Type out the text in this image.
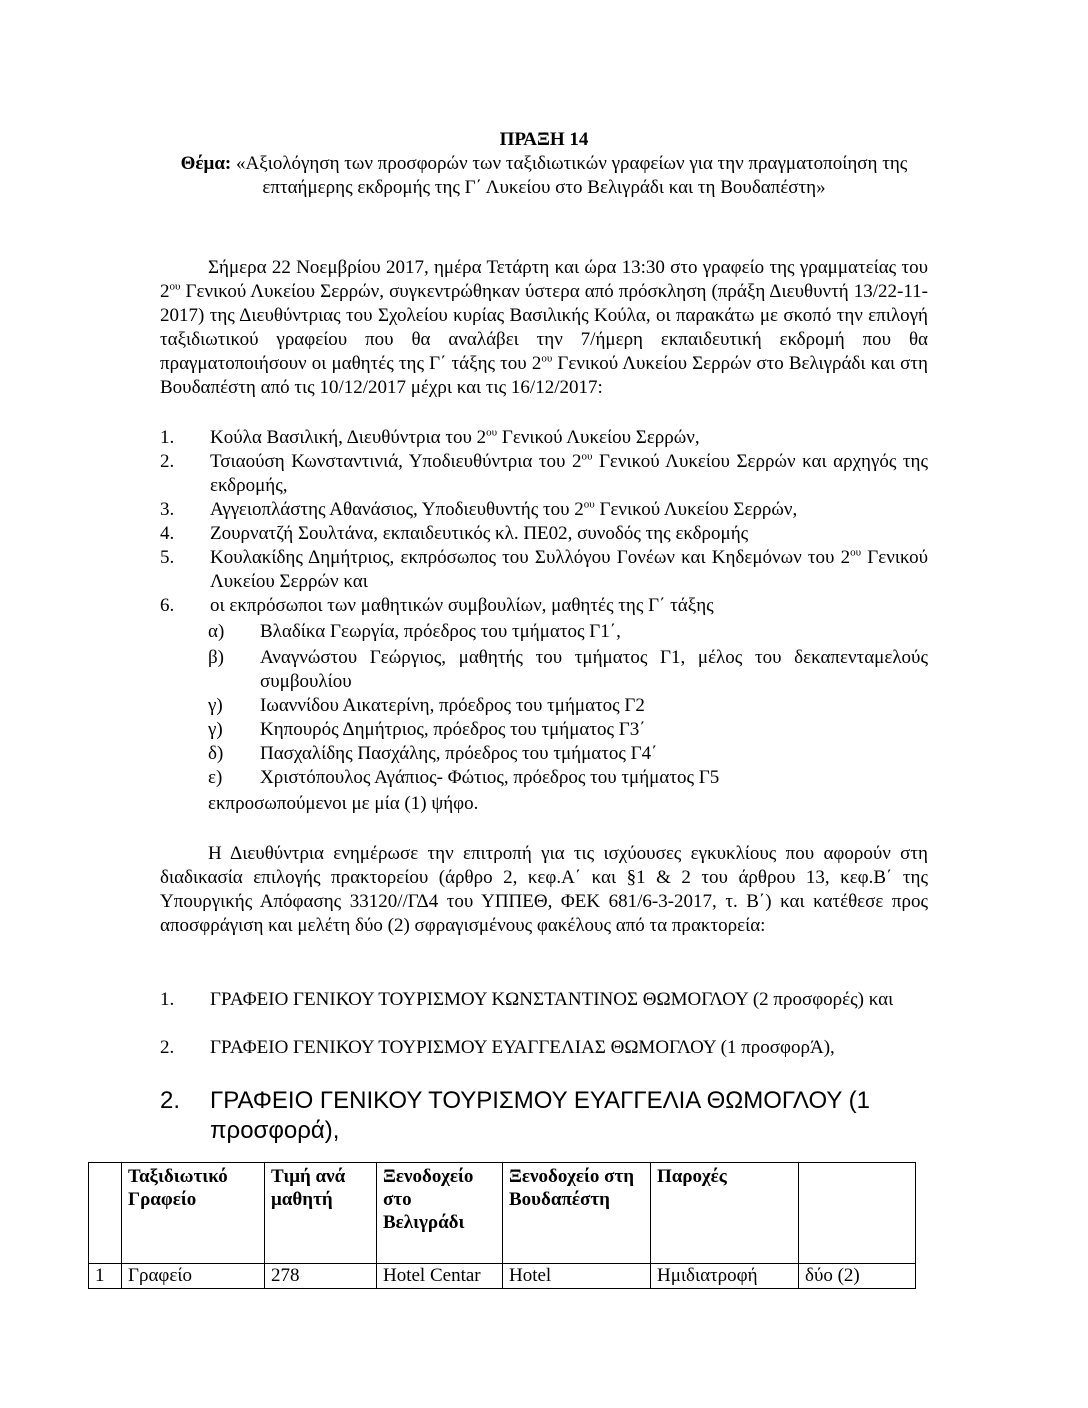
ΠΡΑΞΗ 14
Θέμα: «Αξιολόγηση των προσφορών των ταξιδιωτικών γραφείων για την πραγματοποίηση της επταήμερης εκδρομής της Γ΄ Λυκείου στο Βελιγράδι και τη Βουδαπέστη»
Σήμερα 22 Νοεμβρίου 2017, ημέρα Τετάρτη και ώρα 13:30 στο γραφείο της γραμματείας του $2^{o\upsilon}$ Γενικού Λυκείου Σερρών, συγκεντρώθηκαν ύστερα από πρόσκληση (πράξη Διευθυντή 13/22-11-2017) της Διευθύντριας του Σχολείου κυρίας Βασιλικής Κούλα, οι παρακάτω με σκοπό την επιλογή ταξιδιωτικού γραφείου που θα αναλάβει την 7/ήμερη εκπαιδευτική εκδρομή που θα πραγματοποιήσουν οι μαθητές της Γ΄ τάξης του $2^{o\upsilon}$ Γενικού Λυκείου Σερρών στο Βελιγράδι και στη Βουδαπέστη από τις 10/12/2017 μέχρι και τις 16/12/2017:
1. Κούλα Βασιλική, Διευθύντρια του $2^{o\upsilon}$ Γενικού Λυκείου Σερρών,
2. Τσιαούση Κωνσταντινιά, Υποδιευθύντρια του $2^{o\upsilon}$ Γενικού Λυκείου Σερρών και αρχηγός της εκδρομής,
3. Αγγειοπλάστης Αθανάσιος, Υποδιευθυντής του $2^{o\upsilon}$ Γενικού Λυκείου Σερρών,
4. Ζουρνατζή Σουλτάνα, εκπαιδευτικός κλ. ΠΕ02, συνοδός της εκδρομής
5. Κουλακίδης Δημήτριος, εκπρόσωπος του Συλλόγου Γονέων και Κηδεμόνων του $2^{o\upsilon}$ Γενικού Λυκείου Σερρών και
6. οι εκπρόσωποι των μαθητικών συμβουλίων, μαθητές της Γ΄ τάξης
α) Βλαδίκα Γεωργία, πρόεδρος του τμήματος Γ1΄,
β) Αναγνώστου Γεώργιος, μαθητής του τμήματος Γ1, μέλος του δεκαπενταμελούς συμβουλίου
γ) Ιωαννίδου Αικατερίνη, πρόεδρος του τμήματος Γ2
γ) Κηπουρός Δημήτριος, πρόεδρος του τμήματος Γ3΄
δ) Πασχαλίδης Πασχάλης, πρόεδρος του τμήματος Γ4΄
ε) Χριστόπουλος Αγάπιος- Φώτιος, πρόεδρος του τμήματος Γ5
εκπροσωπούμενοι με μία (1) ψήφο.
Η Διευθύντρια ενημέρωσε την επιτροπή για τις ισχύουσες εγκυκλίους που αφορούν στη διαδικασία επιλογής πρακτορείου (άρθρο 2, κεφ.Α΄ και §1 & 2 του άρθρου 13, κεφ.Β΄ της Υπουργικής Απόφασης 33120//ΓΔ4 του ΥΠΠΕΘ, ΦΕΚ 681/6-3-2017, τ. Β΄) και κατέθεσε προς αποσφράγιση και μελέτη δύο (2) σφραγισμένους φακέλους από τα πρακτορεία:
1. ΓΡΑΦΕΙΟ ΓΕΝΙΚΟΥ ΤΟΥΡΙΣΜΟΥ ΚΩΝΣΤΑΝΤΙΝΟΣ ΘΩΜΟΓΛΟΥ (2 προσφορές) και
2. ΓΡΑΦΕΙΟ ΓΕΝΙΚΟΥ ΤΟΥΡΙΣΜΟΥ ΕΥΑΓΓΕΛΙΑΣ ΘΩΜΟΓΛΟΥ (1 προσφορΆ),
2. ΓΡΑΦΕΙΟ ΓΕΝΙΚΟΥ ΤΟΥΡΙΣΜΟΥ ΕΥΑΓΓΕΛΙΑ ΘΩΜΟΓΛΟΥ (1 προσφορά),
	Ταξιδιωτικό Γραφείο	Τιμή ανά μαθητή	Ξενοδοχείο στο Βελιγράδι	Ξενοδοχείο στη Βουδαπέστη	Παροχές	
1	Γραφείο	278	Hotel Centar	Hotel	Ημιδιατροφή	δύο (2)
